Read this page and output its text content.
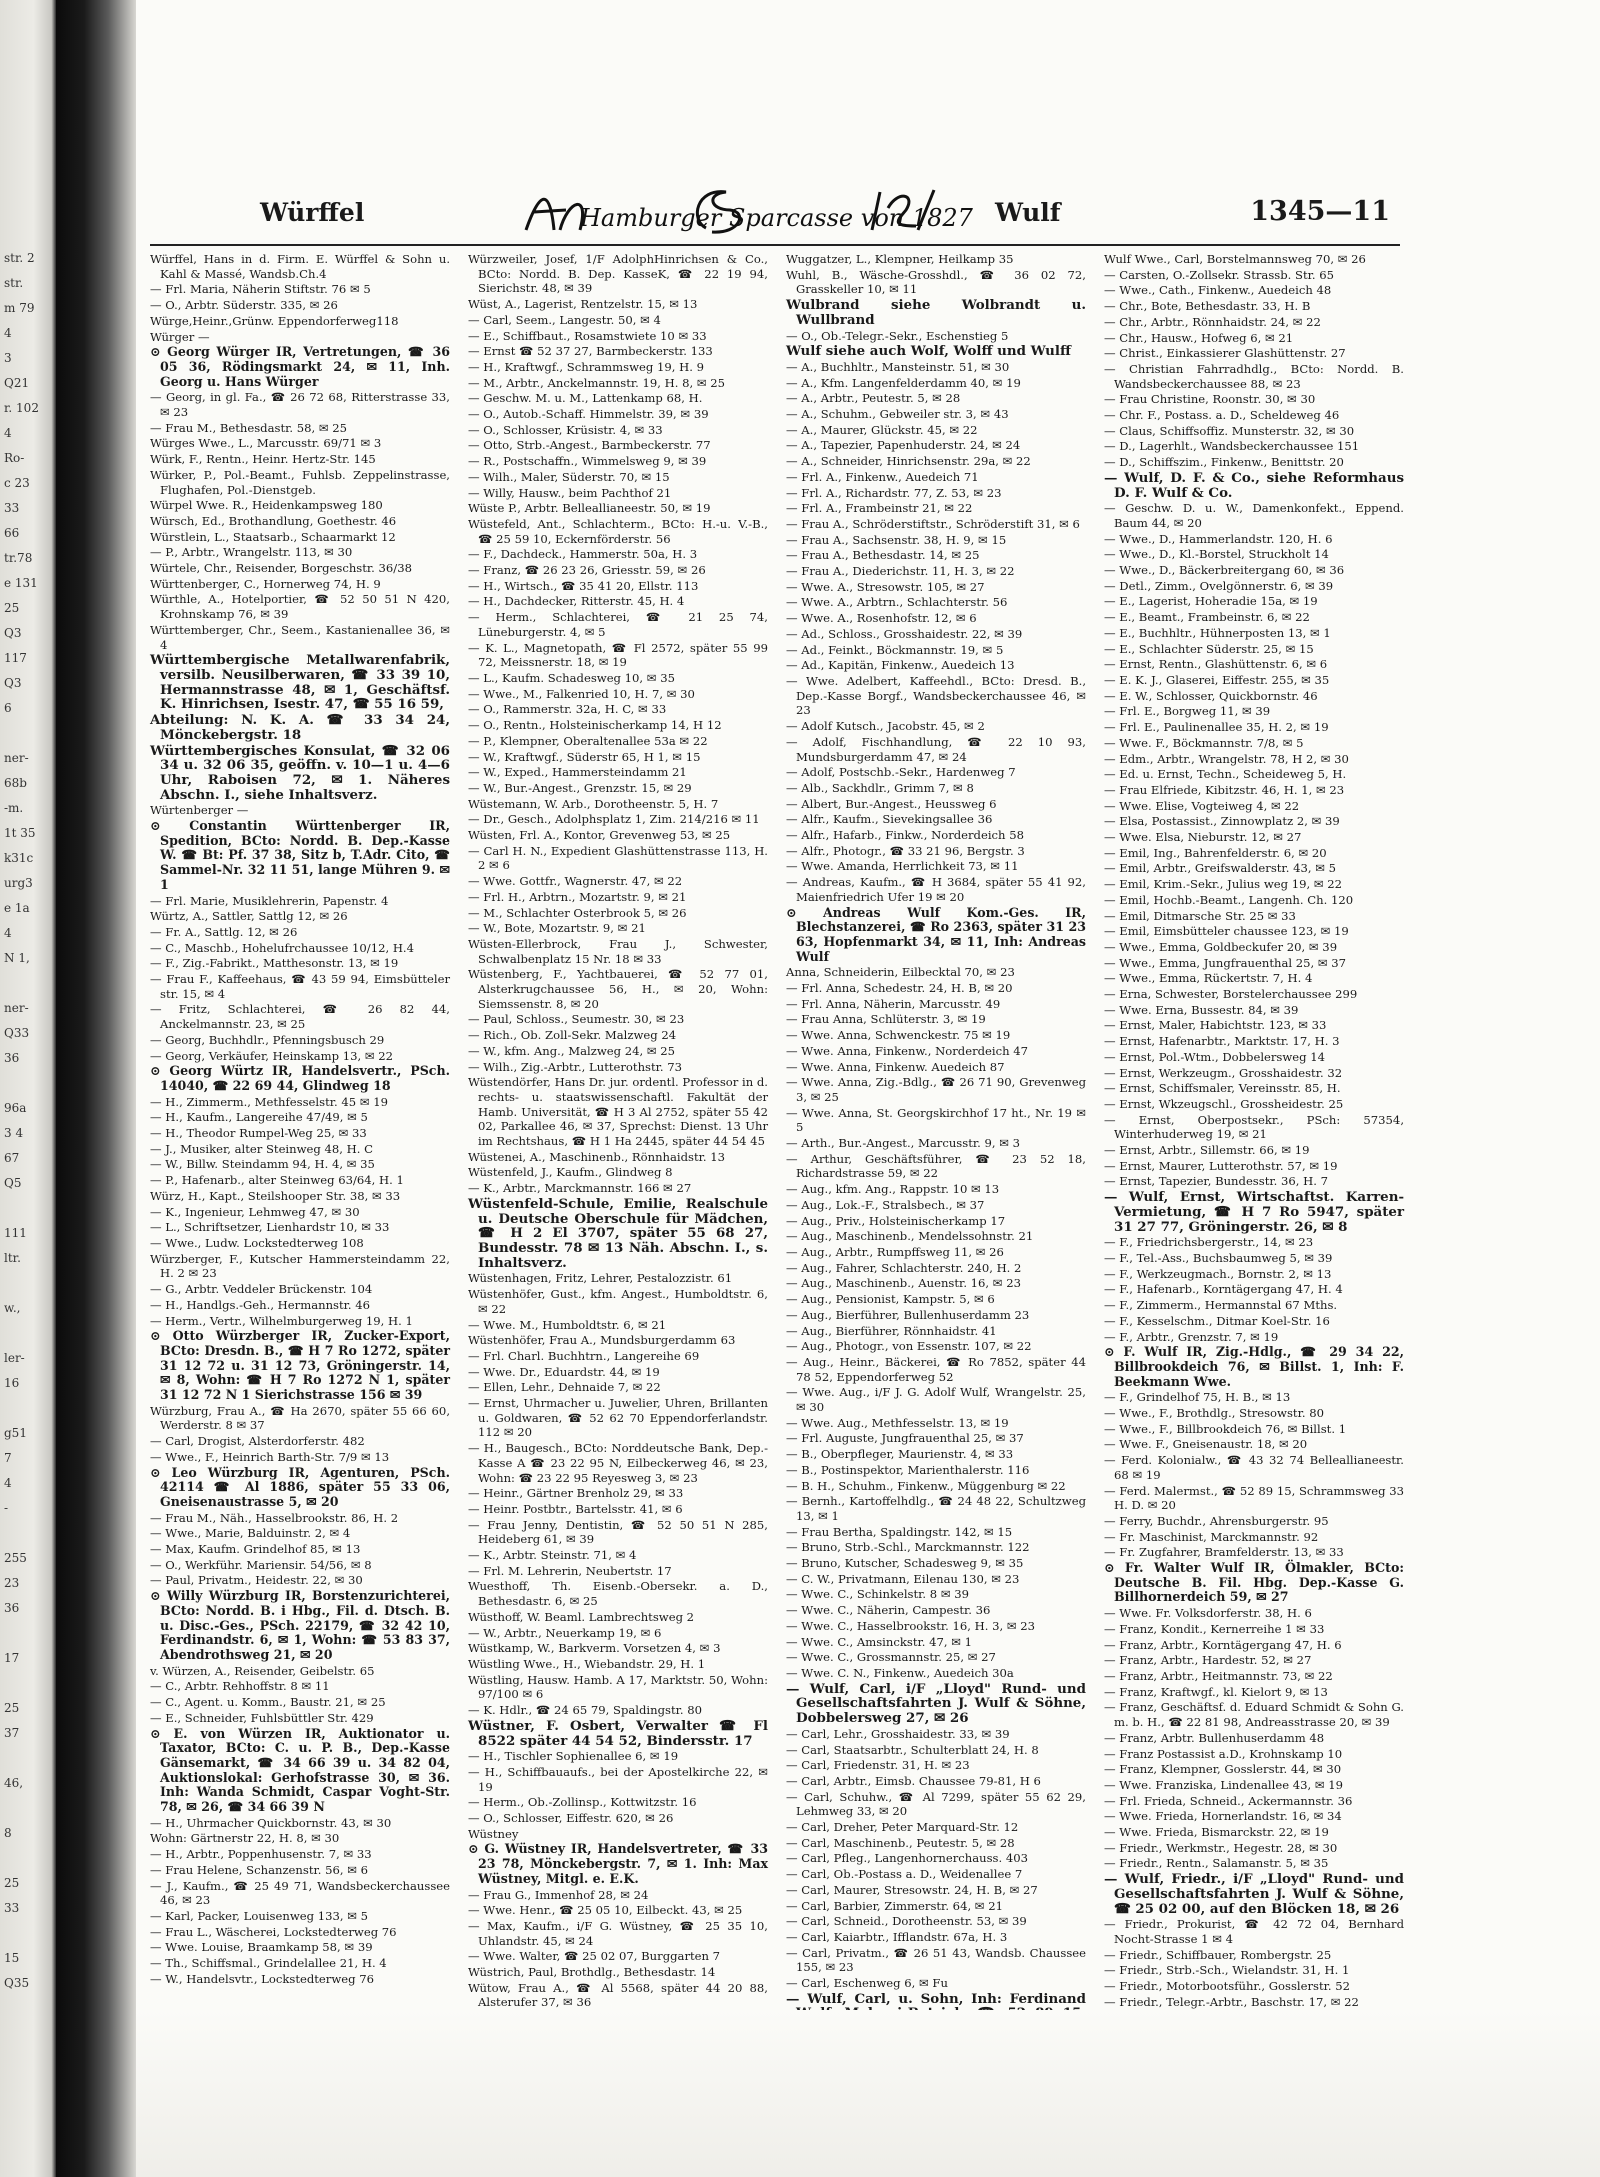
str. 2
str.
m 79
4
3
Q21
r. 102
4
Ro-
c 23
33
66
tr.78
e 131
25
Q3
117
Q3
6
ner-
68b
-m.
1t 35
k31c
urg3
e 1a
4
N 1,
ner-
Q33
36
96a
3 4
67
Q5
111
ltr.
w.,
ler-
16
g51
7
4
-
255
23
36
17
25
37
46,
8
25
33
15
Q35
Würffel	Hamburger Sparcasse von 1827 Wulf	1345—11

Würffel, Hans in d. Firm. E. Würffel & Sohn u. Kahl & Massé, Wandsb.Ch.4

— Frl. Maria, Näherin Stiftstr. 76 ✉ 5

— O., Arbtr. Süderstr. 335, ✉ 26

Würge,Heinr.,Grünw. Eppendorferweg118

Würger —

⊙ Georg Würger IR, Vertretungen, ☎ 36 05 36, Rödingsmarkt 24, ✉ 11, Inh. Georg u. Hans Würger

— Georg, in gl. Fa., ☎ 26 72 68, Ritterstrasse 33, ✉ 23

— Frau M., Bethesdastr. 58, ✉ 25

Würges Wwe., L., Marcusstr. 69/71 ✉ 3

Würk, F., Rentn., Heinr. Hertz-Str. 145

Würker, P., Pol.-Beamt., Fuhlsb. Zeppelinstrasse, Flughafen, Pol.-Dienstgeb.

Würpel Wwe. R., Heidenkampsweg 180

Würsch, Ed., Brothandlung, Goethestr. 46

Würstlein, L., Staatsarb., Schaarmarkt 12

— P., Arbtr., Wrangelstr. 113, ✉ 30

Würtele, Chr., Reisender, Borgeschstr. 36/38

Württenberger, C., Hornerweg 74, H. 9

Würthle, A., Hotelportier, ☎ 52 50 51 N 420, Krohnskamp 76, ✉ 39

Württemberger, Chr., Seem., Kastanienallee 36, ✉ 4

Württembergische Metallwarenfabrik, versilb. Neusilberwaren, ☎ 33 39 10, Hermannstrasse 48, ✉ 1, Geschäftsf. K. Hinrichsen, Isestr. 47, ☎ 55 16 59,

Abteilung: N. K. A. ☎ 33 34 24, Mönckebergstr. 18

Württembergisches Konsulat, ☎ 32 06 34 u. 32 06 35, geöffn. v. 10—1 u. 4—6 Uhr, Raboisen 72, ✉ 1. Näheres Abschn. I., siehe Inhaltsverz.

Würtenberger —

⊙ Constantin Württenberger IR, Spedition, BCto: Nordd. B. Dep.-Kasse W. ☎ Bt: Pf. 37 38, Sitz b, T.Adr. Cito, ☎ Sammel-Nr. 32 11 51, lange Mühren 9. ✉ 1

— Frl. Marie, Musiklehrerin, Papenstr. 4

Würtz, A., Sattler, Sattlg 12, ✉ 26

— Fr. A., Sattlg. 12, ✉ 26

— C., Maschb., Hohelufrchaussee 10/12, H.4

— F., Zig.-Fabrikt., Matthesonstr. 13, ✉ 19

— Frau F., Kaffeehaus, ☎ 43 59 94, Eimsbütteler str. 15, ✉ 4

— Fritz, Schlachterei, ☎ 26 82 44, Anckelmannstr. 23, ✉ 25

— Georg, Buchhdlr., Pfenningsbusch 29

— Georg, Verkäufer, Heinskamp 13, ✉ 22

⊙ Georg Würtz IR, Handelsvertr., PSch. 14040, ☎ 22 69 44, Glindweg 18

— H., Zimmerm., Methfesselstr. 45 ✉ 19

— H., Kaufm., Langereihe 47/49, ✉ 5

— H., Theodor Rumpel-Weg 25, ✉ 33

— J., Musiker, alter Steinweg 48, H. C

— W., Billw. Steindamm 94, H. 4, ✉ 35

— P., Hafenarb., alter Steinweg 63/64, H. 1

Würz, H., Kapt., Steilshooper Str. 38, ✉ 33

— K., Ingenieur, Lehmweg 47, ✉ 30

— L., Schriftsetzer, Lienhardstr 10, ✉ 33

— Wwe., Ludw. Lockstedterweg 108

Würzberger, F., Kutscher Hammersteindamm 22, H. 2 ✉ 23

— G., Arbtr. Veddeler Brückenstr. 104

— H., Handlgs.-Geh., Hermannstr. 46

— Herm., Vertr., Wilhelmburgerweg 19, H. 1

⊙ Otto Würzberger IR, Zucker-Export, BCto: Dresdn. B., ☎ H 7 Ro 1272, später 31 12 72 u. 31 12 73, Gröningerstr. 14, ✉ 8, Wohn: ☎ H 7 Ro 1272 N 1, später 31 12 72 N 1 Sierichstrasse 156 ✉ 39

Würzburg, Frau A., ☎ Ha 2670, später 55 66 60, Werderstr. 8 ✉ 37

— Carl, Drogist, Alsterdorferstr. 482

— Wwe., F., Heinrich Barth-Str. 7/9 ✉ 13

⊙ Leo Würzburg IR, Agenturen, PSch. 42114 ☎ Al 1886, später 55 33 06, Gneisenaustrasse 5, ✉ 20

— Frau M., Näh., Hasselbrookstr. 86, H. 2

— Wwe., Marie, Balduinstr. 2, ✉ 4

— Max, Kaufm. Grindelhof 85, ✉ 13

— O., Werkführ. Mariensir. 54/56, ✉ 8

— Paul, Privatm., Heidestr. 22, ✉ 30

⊙ Willy Würzburg IR, Borstenzurichterei, BCto: Nordd. B. i Hbg., Fil. d. Dtsch. B. u. Disc.-Ges., PSch. 22179, ☎ 32 42 10, Ferdinandstr. 6, ✉ 1, Wohn: ☎ 53 83 37, Abendrothsweg 21, ✉ 20

v. Würzen, A., Reisender, Geibelstr. 65

— C., Arbtr. Rehhoffstr. 8 ✉ 11

— C., Agent. u. Komm., Baustr. 21, ✉ 25

— E., Schneider, Fuhlsbüttler Str. 429

⊙ E. von Würzen IR, Auktionator u. Taxator, BCto: C. u. P. B., Dep.-Kasse Gänsemarkt, ☎ 34 66 39 u. 34 82 04, Auktionslokal: Gerhofstrasse 30, ✉ 36. Inh: Wanda Schmidt, Caspar Voght-Str. 78, ✉ 26, ☎ 34 66 39 N

— H., Uhrmacher Quickbornstr. 43, ✉ 30

Wohn: Gärtnerstr 22, H. 8, ✉ 30

— H., Arbtr., Poppenhusenstr. 7, ✉ 33

— Frau Helene, Schanzenstr. 56, ✉ 6

— J., Kaufm., ☎ 25 49 71, Wandsbeckerchaussee 46, ✉ 23

— Karl, Packer, Louisenweg 133, ✉ 5

— Frau L., Wäscherei, Lockstedterweg 76

— Wwe. Louise, Braamkamp 58, ✉ 39

— Th., Schiffsmal., Grindelallee 21, H. 4

— W., Handelsvtr., Lockstedterweg 76

Würzweiler, Josef, 1/F AdolphHinrichsen & Co., BCto: Nordd. B. Dep. KasseK, ☎ 22 19 94, Sierichstr. 48, ✉ 39

Wüst, A., Lagerist, Rentzelstr. 15, ✉ 13

— Carl, Seem., Langestr. 50, ✉ 4

— E., Schiffbaut., Rosamstwiete 10 ✉ 33

— Ernst ☎ 52 37 27, Barmbeckerstr. 133

— H., Kraftwgf., Schrammsweg 19, H. 9

— M., Arbtr., Anckelmannstr. 19, H. 8, ✉ 25

— Geschw. M. u. M., Lattenkamp 68, H.

— O., Autob.-Schaff. Himmelstr. 39, ✉ 39

— O., Schlosser, Krüsistr. 4, ✉ 33

— Otto, Strb.-Angest., Barmbeckerstr. 77

— R., Postschaffn., Wimmelsweg 9, ✉ 39

— Wilh., Maler, Süderstr. 70, ✉ 15

— Willy, Hausw., beim Pachthof 21

Wüste P., Arbtr. Belleallianeestr. 50, ✉ 19

Wüstefeld, Ant., Schlachterm., BCto: H.-u. V.-B., ☎ 25 59 10, Eckernförderstr. 56

— F., Dachdeck., Hammerstr. 50a, H. 3

— Franz, ☎ 26 23 26, Griesstr. 59, ✉ 26

— H., Wirtsch., ☎ 35 41 20, Ellstr. 113

— H., Dachdecker, Ritterstr. 45, H. 4

— Herm., Schlachterei, ☎ 21 25 74, Lüneburgerstr. 4, ✉ 5

— K. L., Magnetopath, ☎ Fl 2572, später 55 99 72, Meissnerstr. 18, ✉ 19

— L., Kaufm. Schadesweg 10, ✉ 35

— Wwe., M., Falkenried 10, H. 7, ✉ 30

— O., Rammerstr. 32a, H. C, ✉ 33

— O., Rentn., Holsteinischerkamp 14, H 12

— P., Klempner, Oberaltenallee 53a ✉ 22

— W., Kraftwgf., Süderstr 65, H 1, ✉ 15

— W., Exped., Hammersteindamm 21

— W., Bur.-Angest., Grenzstr. 15, ✉ 29

Wüstemann, W. Arb., Dorotheenstr. 5, H. 7

— Dr., Gesch., Adolphsplatz 1, Zim. 214/216 ✉ 11

Wüsten, Frl. A., Kontor, Grevenweg 53, ✉ 25

— Carl H. N., Expedient Glashüttenstrasse 113, H. 2 ✉ 6

— Wwe. Gottfr., Wagnerstr. 47, ✉ 22

— Frl. H., Arbtrn., Mozartstr. 9, ✉ 21

— M., Schlachter Osterbrook 5, ✉ 26

— W., Bote, Mozartstr. 9, ✉ 21

Wüsten-Ellerbrock, Frau J., Schwester, Schwalbenplatz 15 Nr. 18 ✉ 33

Wüstenberg, F., Yachtbauerei, ☎ 52 77 01, Alsterkrugchaussee 56, H., ✉ 20, Wohn: Siemssenstr. 8, ✉ 20

— Paul, Schloss., Seumestr. 30, ✉ 23

— Rich., Ob. Zoll-Sekr. Malzweg 24

— W., kfm. Ang., Malzweg 24, ✉ 25

— Wilh., Zig.-Arbtr., Lutterothstr. 73

Wüstendörfer, Hans Dr. jur. ordentl. Professor in d. rechts- u. staatswissenschaftl. Fakultät der Hamb. Universität, ☎ H 3 Al 2752, später 55 42 02, Parkallee 46, ✉ 37, Sprechst: Dienst. 13 Uhr im Rechtshaus, ☎ H 1 Ha 2445, später 44 54 45

Wüstenei, A., Maschinenb., Rönnhaidstr. 13

Wüstenfeld, J., Kaufm., Glindweg 8

— K., Arbtr., Marckmannstr. 166 ✉ 27

Wüstenfeld-Schule, Emilie, Realschule u. Deutsche Oberschule für Mädchen, ☎ H 2 El 3707, später 55 68 27, Bundesstr. 78 ✉ 13 Näh. Abschn. I., s. Inhaltsverz.

Wüstenhagen, Fritz, Lehrer, Pestalozzistr. 61

Wüstenhöfer, Gust., kfm. Angest., Humboldtstr. 6, ✉ 22

— Wwe. M., Humboldtstr. 6, ✉ 21

Wüstenhöfer, Frau A., Mundsburgerdamm 63

— Frl. Charl. Buchhtrn., Langereihe 69

— Wwe. Dr., Eduardstr. 44, ✉ 19

— Ellen, Lehr., Dehnaide 7, ✉ 22

— Ernst, Uhrmacher u. Juwelier, Uhren, Brillanten u. Goldwaren, ☎ 52 62 70 Eppendorferlandstr. 112 ✉ 20

— H., Baugesch., BCto: Norddeutsche Bank, Dep.-Kasse A ☎ 23 22 95 N, Eilbeckerweg 46, ✉ 23, Wohn: ☎ 23 22 95 Reyesweg 3, ✉ 23

— Heinr., Gärtner Brenholz 29, ✉ 33

— Heinr. Postbtr., Bartelsstr. 41, ✉ 6

— Frau Jenny, Dentistin, ☎ 52 50 51 N 285, Heideberg 61, ✉ 39

— K., Arbtr. Steinstr. 71, ✉ 4

— Frl. M. Lehrerin, Neubertstr. 17

Wuesthoff, Th. Eisenb.-Obersekr. a. D., Bethesdastr. 6, ✉ 25

Wüsthoff, W. Beaml. Lambrechtsweg 2

— W., Arbtr., Neuerkamp 19, ✉ 6

Wüstkamp, W., Barkverm. Vorsetzen 4, ✉ 3

Wüstling Wwe., H., Wiebandstr. 29, H. 1

Wüstling, Hausw. Hamb. A 17, Marktstr. 50, Wohn: 97/100 ✉ 6

— K. Hdlr., ☎ 24 65 79, Spaldingstr. 80

Wüstner, F. Osbert, Verwalter ☎ Fl 8522 später 44 54 52, Bindersstr. 17

— H., Tischler Sophienallee 6, ✉ 19

— H., Schiffbauaufs., bei der Apostelkirche 22, ✉ 19

— Herm., Ob.-Zollinsp., Kottwitzstr. 16

— O., Schlosser, Eiffestr. 620, ✉ 26

Wüstney

⊙ G. Wüstney IR, Handelsvertreter, ☎ 33 23 78, Mönckebergstr. 7, ✉ 1. Inh: Max Wüstney, Mitgl. e. E.K.

— Frau G., Immenhof 28, ✉ 24

— Wwe. Henr., ☎ 25 05 10, Eilbeckt. 43, ✉ 25

— Max, Kaufm., i/F G. Wüstney, ☎ 25 35 10, Uhlandstr. 45, ✉ 24

— Wwe. Walter, ☎ 25 02 07, Burggarten 7

Wüstrich, Paul, Brothdlg., Bethesdastr. 14

Wütow, Frau A., ☎ Al 5568, später 44 20 88, Alsterufer 37, ✉ 36

Wuggatzer, L., Klempner, Heilkamp 35

Wuhl, B., Wäsche-Grosshdl., ☎ 36 02 72, Grasskeller 10, ✉ 11

Wulbrand siehe Wolbrandt u. Wullbrand

— O., Ob.-Telegr.-Sekr., Eschenstieg 5

Wulf siehe auch Wolf, Wolff und Wulff

— A., Buchhltr., Mansteinstr. 51, ✉ 30

— A., Kfm. Langenfelderdamm 40, ✉ 19

— A., Arbtr., Peutestr. 5, ✉ 28

— A., Schuhm., Gebweiler str. 3, ✉ 43

— A., Maurer, Glückstr. 45, ✉ 22

— A., Tapezier, Papenhuderstr. 24, ✉ 24

— A., Schneider, Hinrichsenstr. 29a, ✉ 22

— Frl. A., Finkenw., Auedeich 71

— Frl. A., Richardstr. 77, Z. 53, ✉ 23

— Frl. A., Frambeinstr 21, ✉ 22

— Frau A., Schröderstiftstr., Schröderstift 31, ✉ 6

— Frau A., Sachsenstr. 38, H. 9, ✉ 15

— Frau A., Bethesdastr. 14, ✉ 25

— Frau A., Diederichstr. 11, H. 3, ✉ 22

— Wwe. A., Stresowstr. 105, ✉ 27

— Wwe. A., Arbtrn., Schlachterstr. 56

— Wwe. A., Rosenhofstr. 12, ✉ 6

— Ad., Schloss., Grosshaidestr. 22, ✉ 39

— Ad., Feinkt., Böckmannstr. 19, ✉ 5

— Ad., Kapitän, Finkenw., Auedeich 13

— Wwe. Adelbert, Kaffeehdl., BCto: Dresd. B., Dep.-Kasse Borgf., Wandsbeckerchaussee 46, ✉ 23

— Adolf Kutsch., Jacobstr. 45, ✉ 2

— Adolf, Fischhandlung, ☎ 22 10 93, Mundsburgerdamm 47, ✉ 24

— Adolf, Postschb.-Sekr., Hardenweg 7

— Alb., Sackhdlr., Grimm 7, ✉ 8

— Albert, Bur.-Angest., Heussweg 6

— Alfr., Kaufm., Sievekingsallee 36

— Alfr., Hafarb., Finkw., Norderdeich 58

— Alfr., Photogr., ☎ 33 21 96, Bergstr. 3

— Wwe. Amanda, Herrlichkeit 73, ✉ 11

— Andreas, Kaufm., ☎ H 3684, später 55 41 92, Maienfriedrich Ufer 19 ✉ 20

⊙ Andreas Wulf Kom.-Ges. IR, Blechstanzerei, ☎ Ro 2363, später 31 23 63, Hopfenmarkt 34, ✉ 11, Inh: Andreas Wulf

Anna, Schneiderin, Eilbecktal 70, ✉ 23

— Frl. Anna, Schedestr. 24, H. B, ✉ 20

— Frl. Anna, Näherin, Marcusstr. 49

— Frau Anna, Schlüterstr. 3, ✉ 19

— Wwe. Anna, Schwenckestr. 75 ✉ 19

— Wwe. Anna, Finkenw., Norderdeich 47

— Wwe. Anna, Finkenw. Auedeich 87

— Wwe. Anna, Zig.-Bdlg., ☎ 26 71 90, Grevenweg 3, ✉ 25

— Wwe. Anna, St. Georgskirchhof 17 ht., Nr. 19 ✉ 5

— Arth., Bur.-Angest., Marcusstr. 9, ✉ 3

— Arthur, Geschäftsführer, ☎ 23 52 18, Richardstrasse 59, ✉ 22

— Aug., kfm. Ang., Rappstr. 10 ✉ 13

— Aug., Lok.-F., Stralsbech., ✉ 37

— Aug., Priv., Holsteinischerkamp 17

— Aug., Maschinenb., Mendelssohnstr. 21

— Aug., Arbtr., Rumpffsweg 11, ✉ 26

— Aug., Fahrer, Schlachterstr. 240, H. 2

— Aug., Maschinenb., Auenstr. 16, ✉ 23

— Aug., Pensionist, Kampstr. 5, ✉ 6

— Aug., Bierführer, Bullenhuserdamm 23

— Aug., Bierführer, Rönnhaidstr. 41

— Aug., Photogr., von Essenstr. 107, ✉ 22

— Aug., Heinr., Bäckerei, ☎ Ro 7852, später 44 78 52, Eppendorferweg 52

— Wwe. Aug., i/F J. G. Adolf Wulf, Wrangelstr. 25, ✉ 30

— Wwe. Aug., Methfesselstr. 13, ✉ 19

— Frl. Auguste, Jungfrauenthal 25, ✉ 37

— B., Oberpfleger, Maurienstr. 4, ✉ 33

— B., Postinspektor, Marienthalerstr. 116

— B. H., Schuhm., Finkenw., Müggenburg ✉ 22

— Bernh., Kartoffelhdlg., ☎ 24 48 22, Schultzweg 13, ✉ 1

— Frau Bertha, Spaldingstr. 142, ✉ 15

— Bruno, Strb.-Schl., Marckmannstr. 122

— Bruno, Kutscher, Schadesweg 9, ✉ 35

— C. W., Privatmann, Eilenau 130, ✉ 23

— Wwe. C., Schinkelstr. 8 ✉ 39

— Wwe. C., Näherin, Campestr. 36

— Wwe. C., Hasselbrookstr. 16, H. 3, ✉ 23

— Wwe. C., Amsinckstr. 47, ✉ 1

— Wwe. C., Grossmannstr. 25, ✉ 27

— Wwe. C. N., Finkenw., Auedeich 30a

— Wulf, Carl, i/F „Lloyd" Rund- und Gesellschaftsfahrten J. Wulf & Söhne, Dobbelersweg 27, ✉ 26

— Carl, Lehr., Grosshaidestr. 33, ✉ 39

— Carl, Staatsarbtr., Schulterblatt 24, H. 8

— Carl, Friedenstr. 31, H. ✉ 23

— Carl, Arbtr., Eimsb. Chaussee 79-81, H 6

— Carl, Schuhw., ☎ Al 7299, später 55 62 29, Lehmweg 33, ✉ 20

— Carl, Dreher, Peter Marquard-Str. 12

— Carl, Maschinenb., Peutestr. 5, ✉ 28

— Carl, Pfleg., Langenhornerchauss. 403

— Carl, Ob.-Postass a. D., Weidenallee 7

— Carl, Maurer, Stresowstr. 24, H. B, ✉ 27

— Carl, Barbier, Zimmerstr. 64, ✉ 21

— Carl, Schneid., Dorotheenstr. 53, ✉ 39

— Carl, Kaiarbtr., Ifflandstr. 67a, H. 3

— Carl, Privatm., ☎ 26 51 43, Wandsb. Chaussee 155, ✉ 23

— Carl, Eschenweg 6, ✉ Fu

— Wulf, Carl, u. Sohn, Inh: Ferdinand

Wulf Wwe., Carl, Borstelmannsweg 70, ✉ 26

— Carsten, O.-Zollsekr. Strassb. Str. 65

— Wwe., Cath., Finkenw., Auedeich 48

— Chr., Bote, Bethesdastr. 33, H. B

— Chr., Arbtr., Rönnhaidstr. 24, ✉ 22

— Chr., Hausw., Hofweg 6, ✉ 21

— Christ., Einkassierer Glashüttenstr. 27

— Christian Fahrradhdlg., BCto: Nordd. B. Wandsbeckerchaussee 88, ✉ 23

— Frau Christine, Roonstr. 30, ✉ 30

— Chr. F., Postass. a. D., Scheldeweg 46

— Claus, Schiffsoffiz. Munsterstr. 32, ✉ 30

— D., Lagerhlt., Wandsbeckerchaussee 151

— D., Schiffszim., Finkenw., Benittstr. 20

— Wulf, D. F. & Co., siehe Reformhaus D. F. Wulf & Co.

— Geschw. D. u. W., Damenkonfekt., Eppend. Baum 44, ✉ 20

— Wwe., D., Hammerlandstr. 120, H. 6

— Wwe., D., Kl.-Borstel, Struckholt 14

— Wwe., D., Bäckerbreitergang 60, ✉ 36

— Detl., Zimm., Ovelgönnerstr. 6, ✉ 39

— E., Lagerist, Hoheradie 15a, ✉ 19

— E., Beamt., Frambeinstr. 6, ✉ 22

— E., Buchhltr., Hühnerposten 13, ✉ 1

— E., Schlachter Süderstr. 25, ✉ 15

— Ernst, Rentn., Glashüttenstr. 6, ✉ 6

— E. K. J., Glaserei, Eiffestr. 255, ✉ 35

— E. W., Schlosser, Quickbornstr. 46

— Frl. E., Borgweg 11, ✉ 39

— Frl. E., Paulinenallee 35, H. 2, ✉ 19

— Wwe. F., Böckmannstr. 7/8, ✉ 5

— Edm., Arbtr., Wrangelstr. 78, H 2, ✉ 30

— Ed. u. Ernst, Techn., Scheideweg 5, H.

— Frau Elfriede, Kibitzstr. 46, H. 1, ✉ 23

— Wwe. Elise, Vogteiweg 4, ✉ 22

— Elsa, Postassist., Zinnowplatz 2, ✉ 39

— Wwe. Elsa, Nieburstr. 12, ✉ 27

— Emil, Ing., Bahrenfelderstr. 6, ✉ 20

— Emil, Arbtr., Greifswalderstr. 43, ✉ 5

— Emil, Krim.-Sekr., Julius weg 19, ✉ 22

— Emil, Hochb.-Beamt., Langenh. Ch. 120

— Emil, Ditmarsche Str. 25 ✉ 33

— Emil, Eimsbütteler chaussee 123, ✉ 19

— Wwe., Emma, Goldbeckufer 20, ✉ 39

— Wwe., Emma, Jungfrauenthal 25, ✉ 37

— Wwe., Emma, Rückertstr. 7, H. 4

— Erna, Schwester, Borstelerchaussee 299

— Wwe. Erna, Bussestr. 84, ✉ 39

— Ernst, Maler, Habichtstr. 123, ✉ 33

— Ernst, Hafenarbtr., Marktstr. 17, H. 3

— Ernst, Pol.-Wtm., Dobbelersweg 14

— Ernst, Werkzeugm., Grosshaidestr. 32

— Ernst, Schiffsmaler, Vereinsstr. 85, H.

— Ernst, Wkzeugschl., Grossheidestr. 25

— Ernst, Oberpostsekr., PSch: 57354, Winterhuderweg 19, ✉ 21

— Ernst, Arbtr., Sillemstr. 66, ✉ 19

— Ernst, Maurer, Lutterothstr. 57, ✉ 19

— Ernst, Tapezier, Bundesstr. 36, H. 7

— Wulf, Ernst, Wirtschaftst. Karren-Vermietung, ☎ H 7 Ro 5947, später 31 27 77, Gröningerstr. 26, ✉ 8

— F., Friedrichsbergerstr., 14, ✉ 23

— F., Tel.-Ass., Buchsbaumweg 5, ✉ 39

— F., Werkzeugmach., Bornstr. 2, ✉ 13

— F., Hafenarb., Korntägergang 47, H. 4

— F., Zimmerm., Hermannstal 67 Mths.

— F., Kesselschm., Ditmar Koel-Str. 16

— F., Arbtr., Grenzstr. 7, ✉ 19

⊙ F. Wulf IR, Zig.-Hdlg., ☎ 29 34 22, Billbrookdeich 76, ✉ Billst. 1, Inh: F. Beekmann Wwe.

— F., Grindelhof 75, H. B., ✉ 13

— Wwe., F., Brothdlg., Stresowstr. 80

— Wwe., F., Billbrookdeich 76, ✉ Billst. 1

— Wwe. F., Gneisenaustr. 18, ✉ 20

— Ferd. Kolonialw., ☎ 43 32 74 Belleallianeestr. 68 ✉ 19

— Ferd. Malermst., ☎ 52 89 15, Schrammsweg 33 H. D. ✉ 20

— Ferry, Buchdr., Ahrensburgerstr. 95

— Fr. Maschinist, Marckmannstr. 92

— Fr. Zugfahrer, Bramfelderstr. 13, ✉ 33

⊙ Fr. Walter Wulf IR, Ölmakler, BCto: Deutsche B. Fil. Hbg. Dep.-Kasse G. Billhornerdeich 59, ✉ 27

— Wwe. Fr. Volksdorferstr. 38, H. 6

— Franz, Kondit., Kernerreihe 1 ✉ 33

— Franz, Arbtr., Korntägergang 47, H. 6

— Franz, Arbtr., Hardestr. 52, ✉ 27

— Franz, Arbtr., Heitmannstr. 73, ✉ 22

— Franz, Kraftwgf., kl. Kielort 9, ✉ 13

— Franz, Geschäftsf. d. Eduard Schmidt & Sohn G. m. b. H., ☎ 22 81 98, Andreasstrasse 20, ✉ 39

— Franz, Arbtr. Bullenhuserdamm 48

— Franz Postassist a.D., Krohnskamp 10

— Franz, Klempner, Gosslerstr. 44, ✉ 30

— Wwe. Franziska, Lindenallee 43, ✉ 19

— Frl. Frieda, Schneid., Ackermannstr. 36

— Wwe. Frieda, Hornerlandstr. 16, ✉ 34

— Wwe. Frieda, Bismarckstr. 22, ✉ 19

— Friedr., Werkmstr., Hegestr. 28, ✉ 30

— Friedr., Rentn., Salamanstr. 5, ✉ 35

— Wulf, Friedr., i/F „Lloyd" Rund- und Gesellschaftsfahrten J. Wulf & Söhne, ☎ 25 02 00, auf den Blöcken 18, ✉ 26

— Friedr., Prokurist, ☎ 42 72 04, Bernhard Nocht-Strasse 1 ✉ 4

— Friedr., Schiffbauer, Rombergstr. 25

— Friedr., Strb.-Sch., Wielandstr. 31, H. 1

— Friedr., Motorbootsführ., Gosslerstr. 52

— Friedr., Telegr.-Arbtr., Baschstr. 17, ✉ 22
